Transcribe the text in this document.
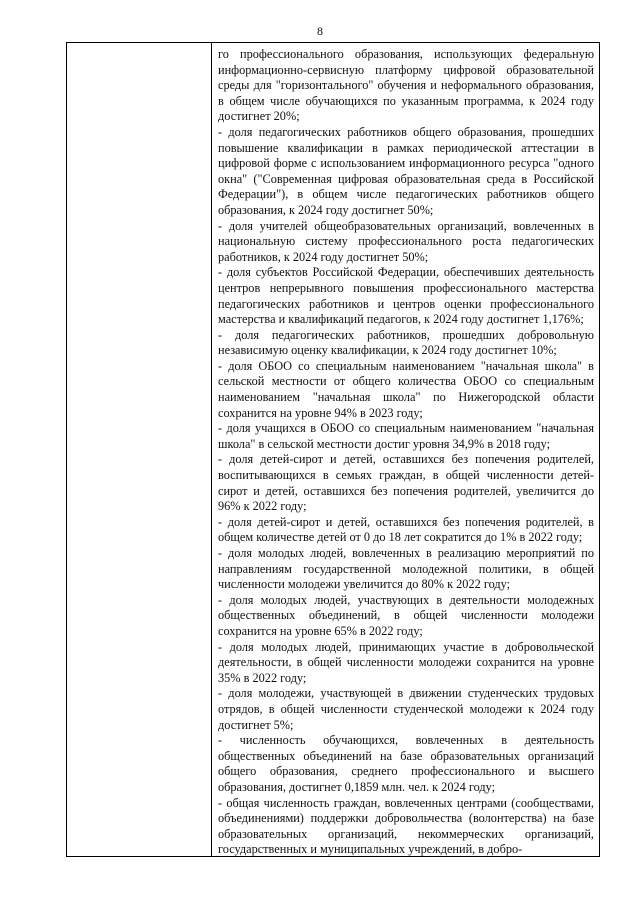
8

го профессионального образования, использующих федеральную информационно-сервисную платформу цифровой образовательной среды для "горизонтального" обучения и неформального образования, в общем числе обучающихся по указанным программа, к 2024 году достигнет 20%;

- доля педагогических работников общего образования, прошедших повышение квалификации в рамках периодической аттестации в цифровой форме с использованием информационного ресурса "одного окна" ("Современная цифровая образовательная среда в Российской Федерации"), в общем числе педагогических работников общего образования, к 2024 году достигнет 50%;

- доля учителей общеобразовательных организаций, вовлеченных в национальную систему профессионального роста педагогических работников, к 2024 году достигнет 50%;

- доля субъектов Российской Федерации, обеспечивших деятельность центров непрерывного повышения профессионального мастерства педагогических работников и центров оценки профессионального мастерства и квалификаций педагогов, к 2024 году достигнет 1,176%;

- доля педагогических работников, прошедших добровольную независимую оценку квалификации, к 2024 году достигнет 10%;

- доля ОБОО со специальным наименованием "начальная школа" в сельской местности от общего количества ОБОО со специальным наименованием "начальная школа" по Нижегородской области сохранится на уровне 94% в 2023 году;

- доля учащихся в ОБОО со специальным наименованием "начальная школа" в сельской местности достиг уровня 34,9% в 2018 году;

- доля детей-сирот и детей, оставшихся без попечения родителей, воспитывающихся в семьях граждан, в общей численности детей-сирот и детей, оставшихся без попечения родителей, увеличится до 96% к 2022 году;

- доля детей-сирот и детей, оставшихся без попечения родителей, в общем количестве детей от 0 до 18 лет сократится до 1% в 2022 году;

- доля молодых людей, вовлеченных в реализацию мероприятий по направлениям государственной молодежной политики, в общей численности молодежи увеличится до 80% к 2022 году;

- доля молодых людей, участвующих в деятельности молодежных общественных объединений, в общей численности молодежи сохранится на уровне 65% в 2022 году;

- доля молодых людей, принимающих участие в добровольческой деятельности, в общей численности молодежи сохранится на уровне 35% в 2022 году;

- доля молодежи, участвующей в движении студенческих трудовых отрядов, в общей численности студенческой молодежи к 2024 году достигнет 5%;

- численность обучающихся, вовлеченных в деятельность общественных объединений на базе образовательных организаций общего образования, среднего профессионального и высшего образования, достигнет 0,1859 млн. чел. к 2024 году;

- общая численность граждан, вовлеченных центрами (сообществами, объединениями) поддержки добровольчества (волонтерства) на базе образовательных организаций, некоммерческих организаций, государственных и муниципальных учреждений, в добро-
